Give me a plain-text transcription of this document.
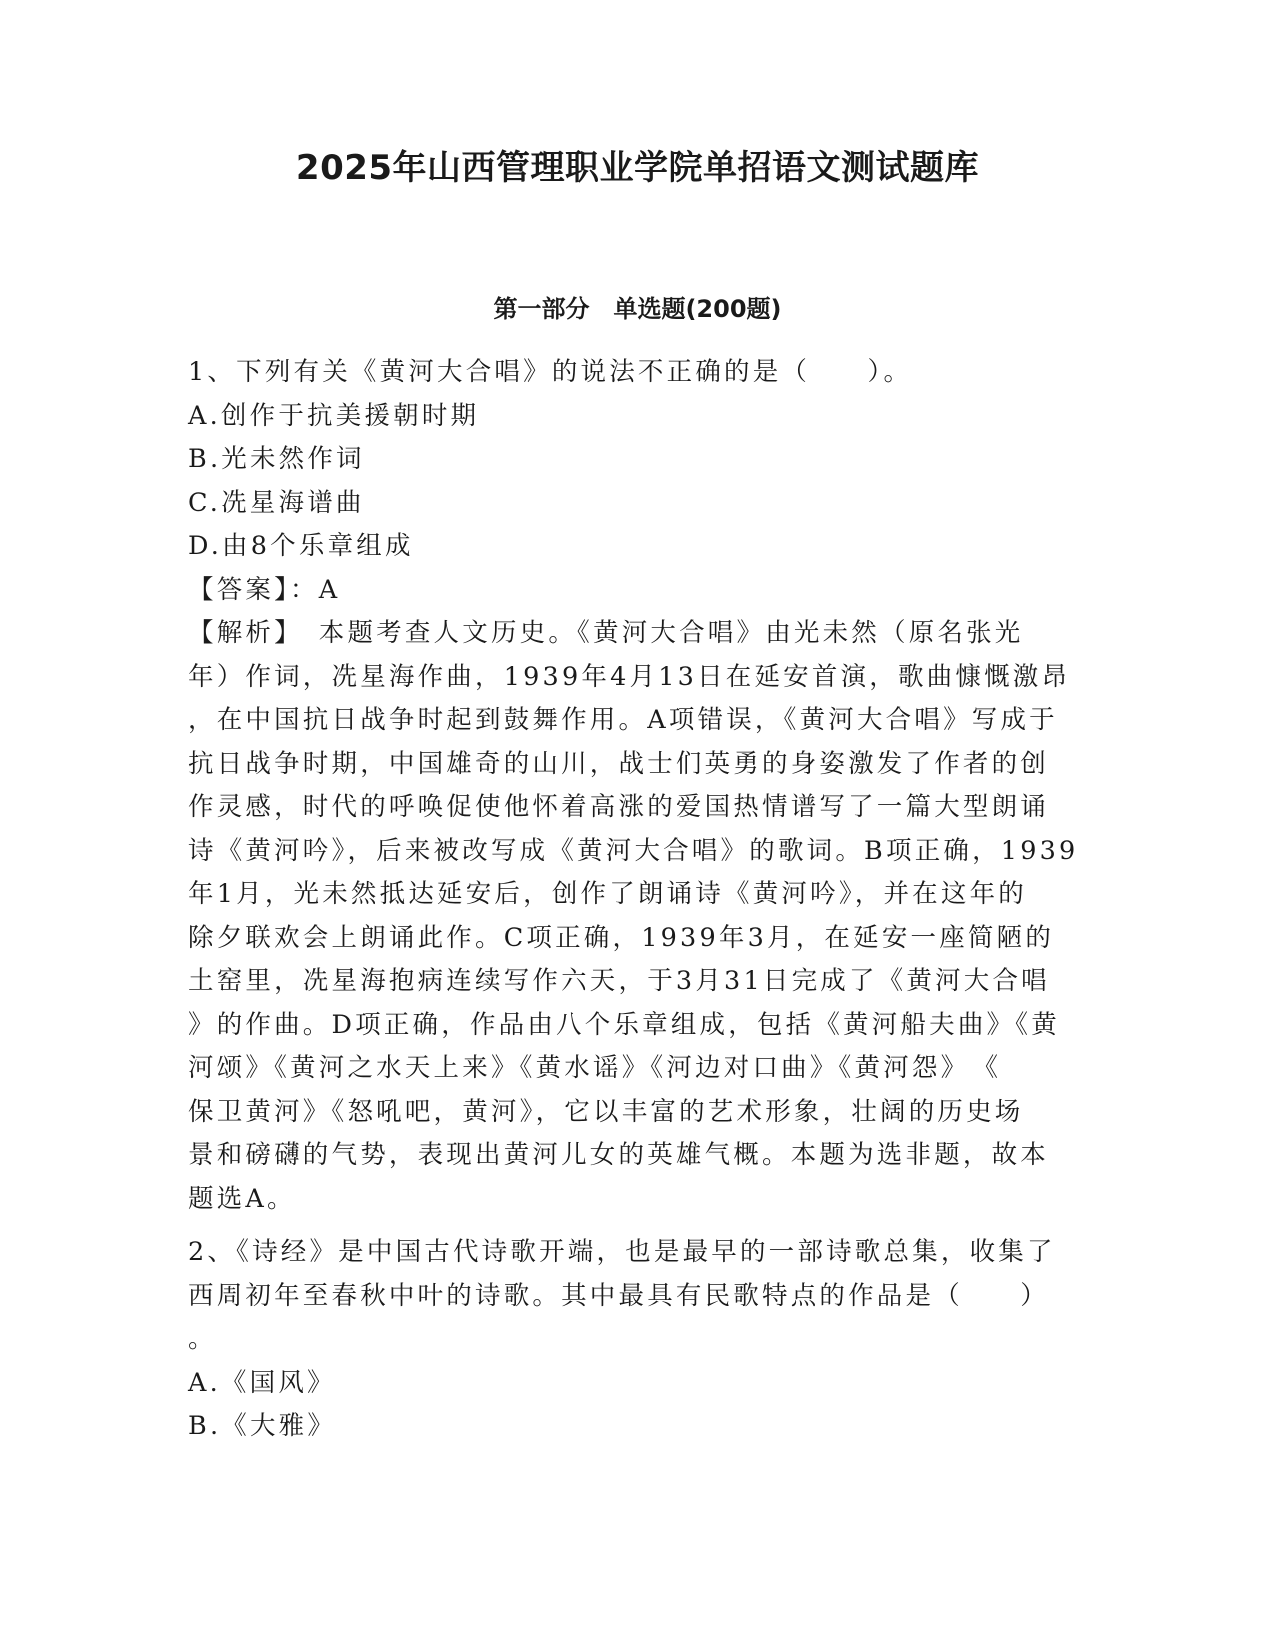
2025年山西管理职业学院单招语文测试题库
第一部分　单选题(200题)
1、下列有关《黄河大合唱》的说法不正确的是（　　）。
A.创作于抗美援朝时期
B.光未然作词
C.冼星海谱曲
D.由8个乐章组成
【答案】：A
【解析】　本题考查人文历史。《黄河大合唱》由光未然（原名张光
年）作词，冼星海作曲，1939年4月13日在延安首演，歌曲慷慨激昂
，在中国抗日战争时起到鼓舞作用。A项错误，《黄河大合唱》写成于
抗日战争时期，中国雄奇的山川，战士们英勇的身姿激发了作者的创
作灵感，时代的呼唤促使他怀着高涨的爱国热情谱写了一篇大型朗诵
诗《黄河吟》，后来被改写成《黄河大合唱》的歌词。B项正确，1939
年1月，光未然抵达延安后，创作了朗诵诗《黄河吟》，并在这年的
除夕联欢会上朗诵此作。C项正确，1939年3月，在延安一座简陋的
土窑里，冼星海抱病连续写作六天，于3月31日完成了《黄河大合唱
》的作曲。D项正确，作品由八个乐章组成，包括《黄河船夫曲》《黄
河颂》《黄河之水天上来》《黄水谣》《河边对口曲》《黄河怨》　《
保卫黄河》《怒吼吧，黄河》，它以丰富的艺术形象，壮阔的历史场
景和磅礴的气势，表现出黄河儿女的英雄气概。本题为选非题，故本
题选A。
2、《诗经》是中国古代诗歌开端，也是最早的一部诗歌总集，收集了
西周初年至春秋中叶的诗歌。其中最具有民歌特点的作品是（　　）
。
A.《国风》
B.《大雅》
